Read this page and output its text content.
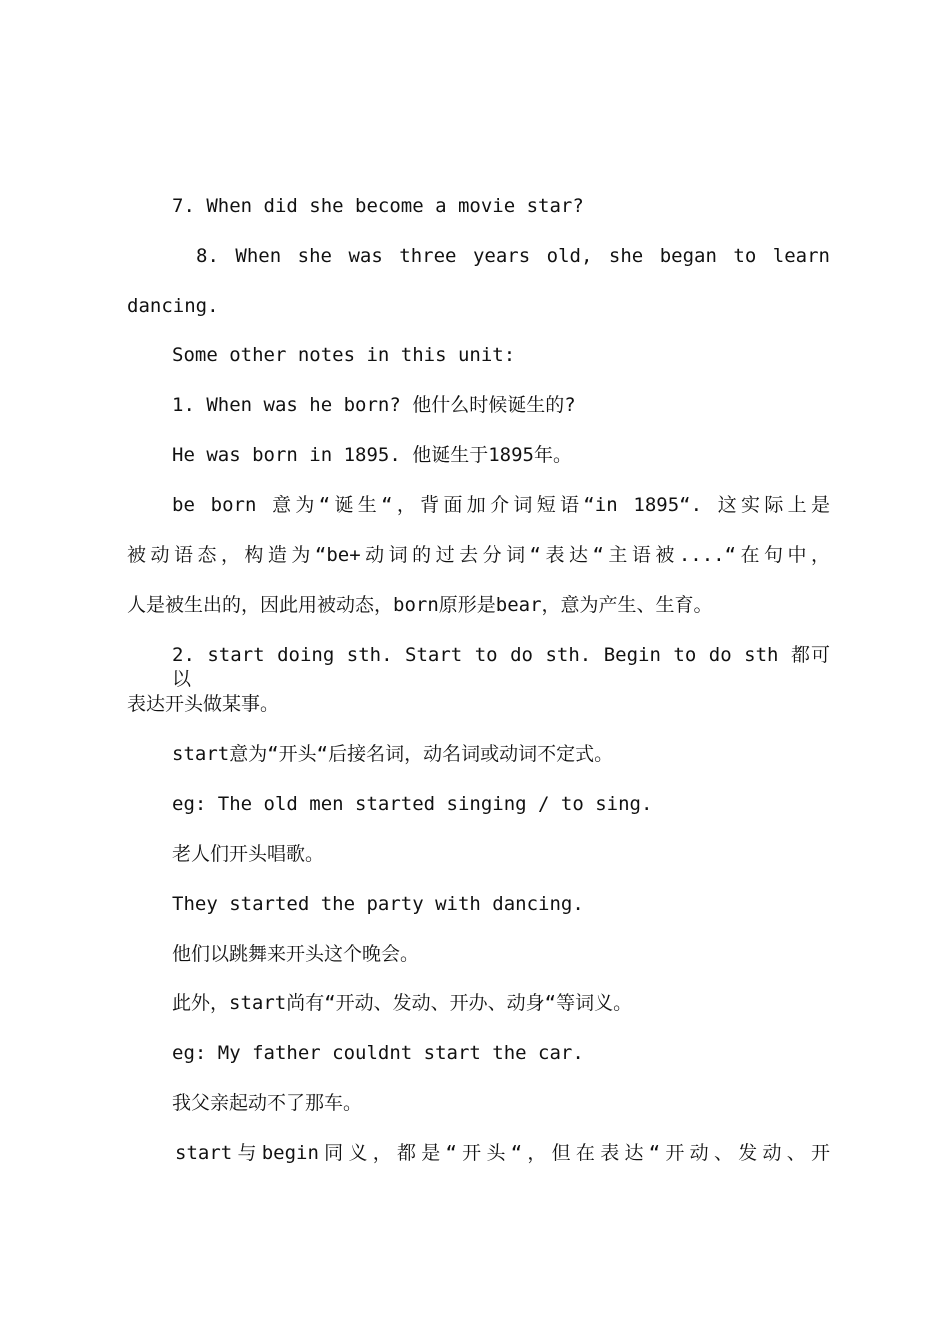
7. When did she become a movie star?
8. When she was three years old, she began to learn
dancing.
Some other notes in this unit:
1. When was he born? 他什么时候诞生的?
He was born in 1895. 他诞生于1895年。
be born 意为“诞生“，背面加介词短语“in 1895“. 这实际上是
被动语态，构造为“be+动词的过去分词“表达“主语被....“在句中，
人是被生出的，因此用被动态，born原形是bear，意为产生、生育。
2. start doing sth. Start to do sth. Begin to do sth 都可以
表达开头做某事。
start意为“开头“后接名词，动名词或动词不定式。
eg: The old men started singing / to sing.
老人们开头唱歌。
They started the party with dancing.
他们以跳舞来开头这个晚会。
此外，start尚有“开动、发动、开办、动身“等词义。
eg: My father couldnt start the car.
我父亲起动不了那车。
start与begin同义，都是“开头“，但在表达“开动、发动、开
